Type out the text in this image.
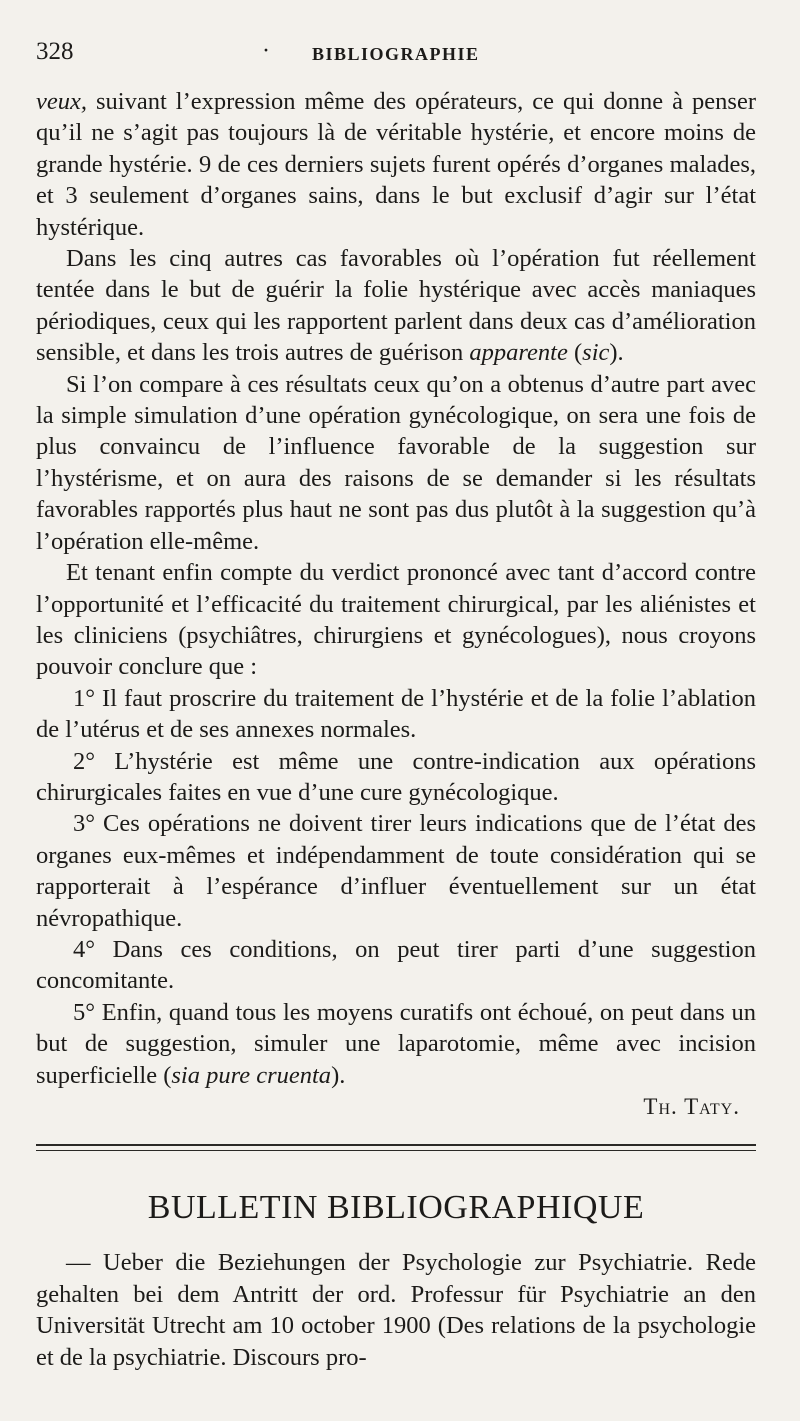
328	· BIBLIOGRAPHIE

veux, suivant l’expression même des opérateurs, ce qui donne à penser qu’il ne s’agit pas toujours là de véritable hystérie, et encore moins de grande hystérie. 9 de ces derniers sujets furent opérés d’organes malades, et 3 seulement d’organes sains, dans le but exclusif d’agir sur l’état hystérique.

Dans les cinq autres cas favorables où l’opération fut réellement tentée dans le but de guérir la folie hystérique avec accès maniaques périodiques, ceux qui les rapportent parlent dans deux cas d’amélioration sensible, et dans les trois autres de guérison apparente (sic).

Si l’on compare à ces résultats ceux qu’on a obtenus d’autre part avec la simple simulation d’une opération gynécologique, on sera une fois de plus convaincu de l’influence favorable de la suggestion sur l’hystérisme, et on aura des raisons de se demander si les résultats favorables rapportés plus haut ne sont pas dus plutôt à la suggestion qu’à l’opération elle-même.

Et tenant enfin compte du verdict prononcé avec tant d’accord contre l’opportunité et l’efficacité du traitement chirurgical, par les aliénistes et les cliniciens (psychiâtres, chirurgiens et gynécologues), nous croyons pouvoir conclure que :

1° Il faut proscrire du traitement de l’hystérie et de la folie l’ablation de l’utérus et de ses annexes normales.

2° L’hystérie est même une contre-indication aux opérations chirurgicales faites en vue d’une cure gynécologique.

3° Ces opérations ne doivent tirer leurs indications que de l’état des organes eux-mêmes et indépendamment de toute considération qui se rapporterait à l’espérance d’influer éventuellement sur un état névropathique.

4° Dans ces conditions, on peut tirer parti d’une suggestion concomitante.

5° Enfin, quand tous les moyens curatifs ont échoué, on peut dans un but de suggestion, simuler une laparotomie, même avec incision superficielle (sia pure cruenta).

Th. Taty.

BULLETIN BIBLIOGRAPHIQUE

— Ueber die Beziehungen der Psychologie zur Psychiatrie. Rede gehalten bei dem Antritt der ord. Professur für Psychiatrie an den Universität Utrecht am 10 october 1900 (Des relations de la psychologie et de la psychiatrie. Discours pro-
